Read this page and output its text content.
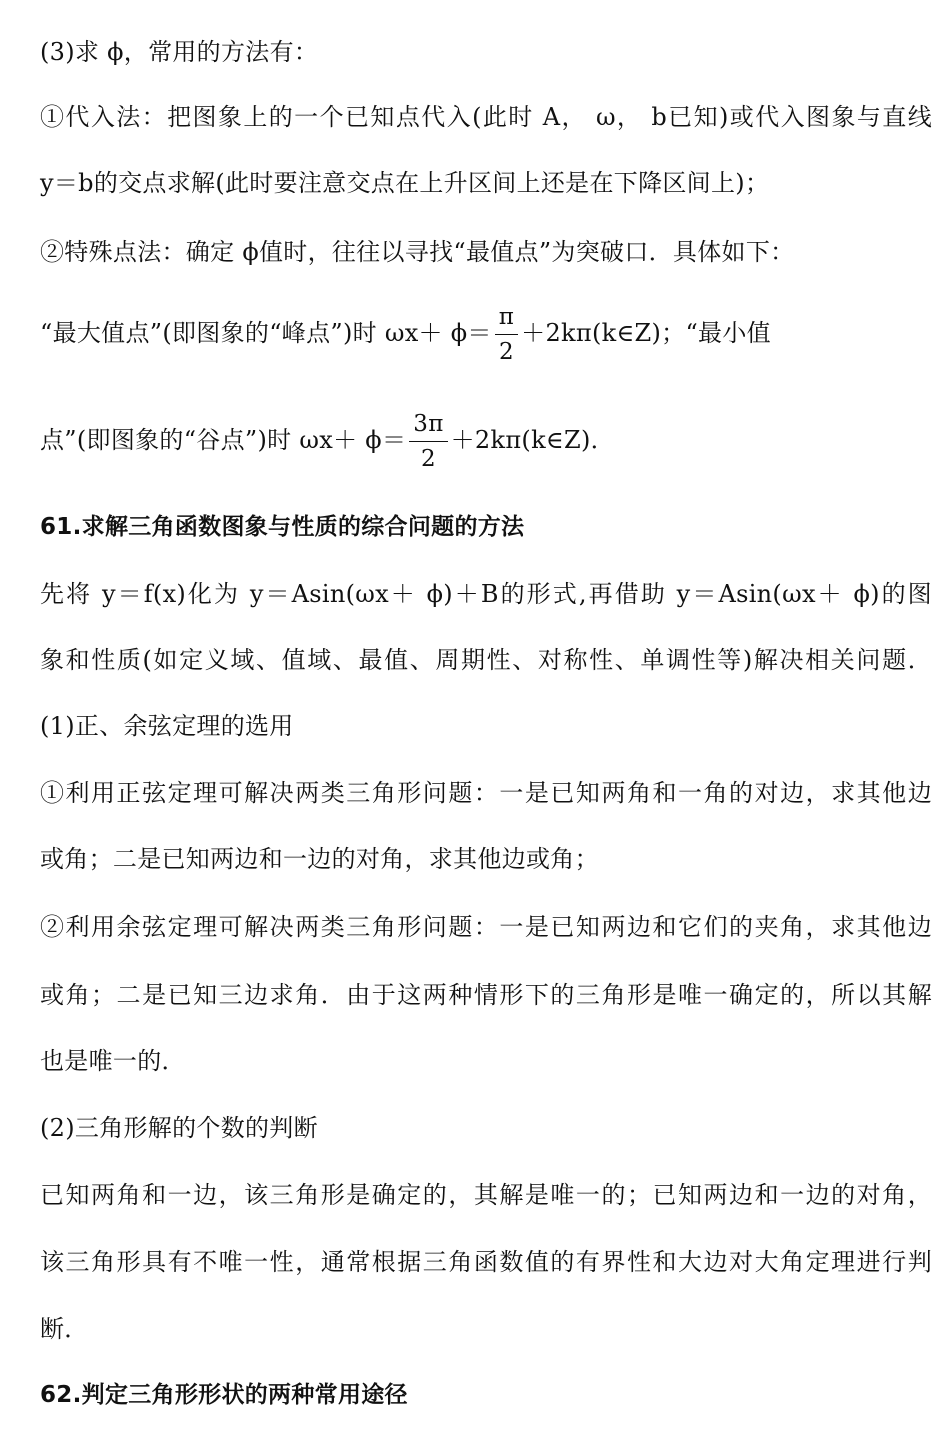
(3)求 ϕ，常用的方法有：
①代入法：把图象上的一个已知点代入(此时 A， ω， b已知)或代入图象与直线
y＝b的交点求解(此时要注意交点在上升区间上还是在下降区间上)；
②特殊点法：确定 ϕ值时，往往以寻找“最值点”为突破口．具体如下：
“最大值点”(即图象的“峰点”)时 $\omega x+ \phi= \frac{\pi}{2}$ ＋2kπ(k∈Z)；“最小值
点”(即图象的“谷点”)时 $\omega x+ \phi= \frac{3\pi}{2}$ ＋2kπ(k∈Z)．
61.求解三角函数图象与性质的综合问题的方法
先将 y＝f(x)化为 y＝Asin(ωx＋ ϕ)＋B的形式,再借助 y＝Asin(ωx＋ ϕ)的图
象和性质(如定义域、值域、最值、周期性、对称性、单调性等)解决相关问题．
(1)正、余弦定理的选用
①利用正弦定理可解决两类三角形问题：一是已知两角和一角的对边，求其他边
或角；二是已知两边和一边的对角，求其他边或角；
②利用余弦定理可解决两类三角形问题：一是已知两边和它们的夹角，求其他边
或角；二是已知三边求角．由于这两种情形下的三角形是唯一确定的，所以其解
也是唯一的．
(2)三角形解的个数的判断
已知两角和一边，该三角形是确定的，其解是唯一的；已知两边和一边的对角，
该三角形具有不唯一性，通常根据三角函数值的有界性和大边对大角定理进行判
断．
62.判定三角形形状的两种常用途径
